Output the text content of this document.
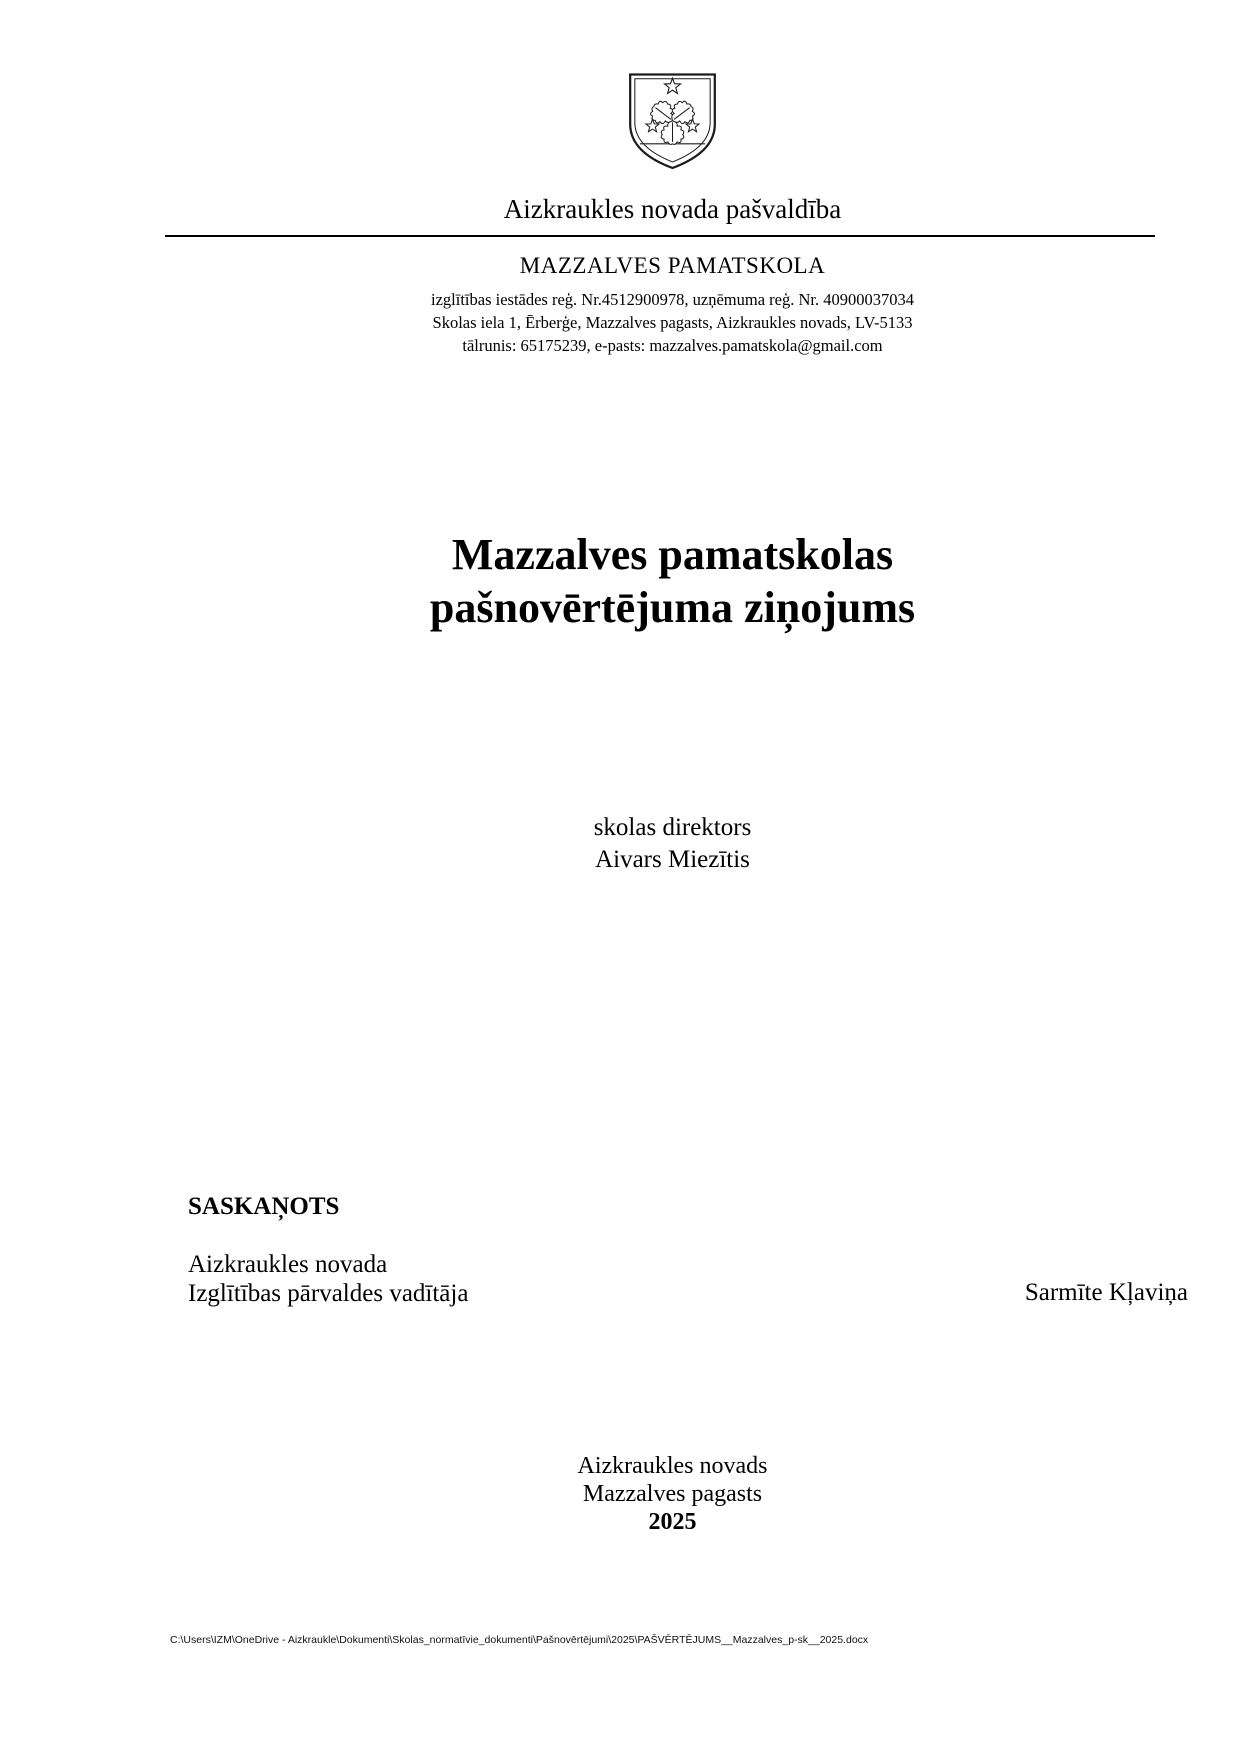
Aizkraukles novada pašvaldība
MAZZALVES PAMATSKOLA
izglītības iestādes reģ. Nr.4512900978, uzņēmuma reģ. Nr. 40900037034
Skolas iela 1, Ērberģe, Mazzalves pagasts, Aizkraukles novads, LV-5133
tālrunis: 65175239, e-pasts: mazzalves.pamatskola@gmail.com
Mazzalves pamatskolas
pašnovērtējuma ziņojums
skolas direktors
Aivars Miezītis
SASKAŅOTS
Aizkraukles novada
Izglītības pārvaldes vadītāja	Sarmīte Kļaviņa
Aizkraukles novads
Mazzalves pagasts
2025
C:\Users\IZM\OneDrive - Aizkraukle\Dokumenti\Skolas_normatīvie_dokumenti\Pašnovērtējumi\2025\PAŠVĒRTĒJUMS__Mazzalves_p-sk__2025.docx
